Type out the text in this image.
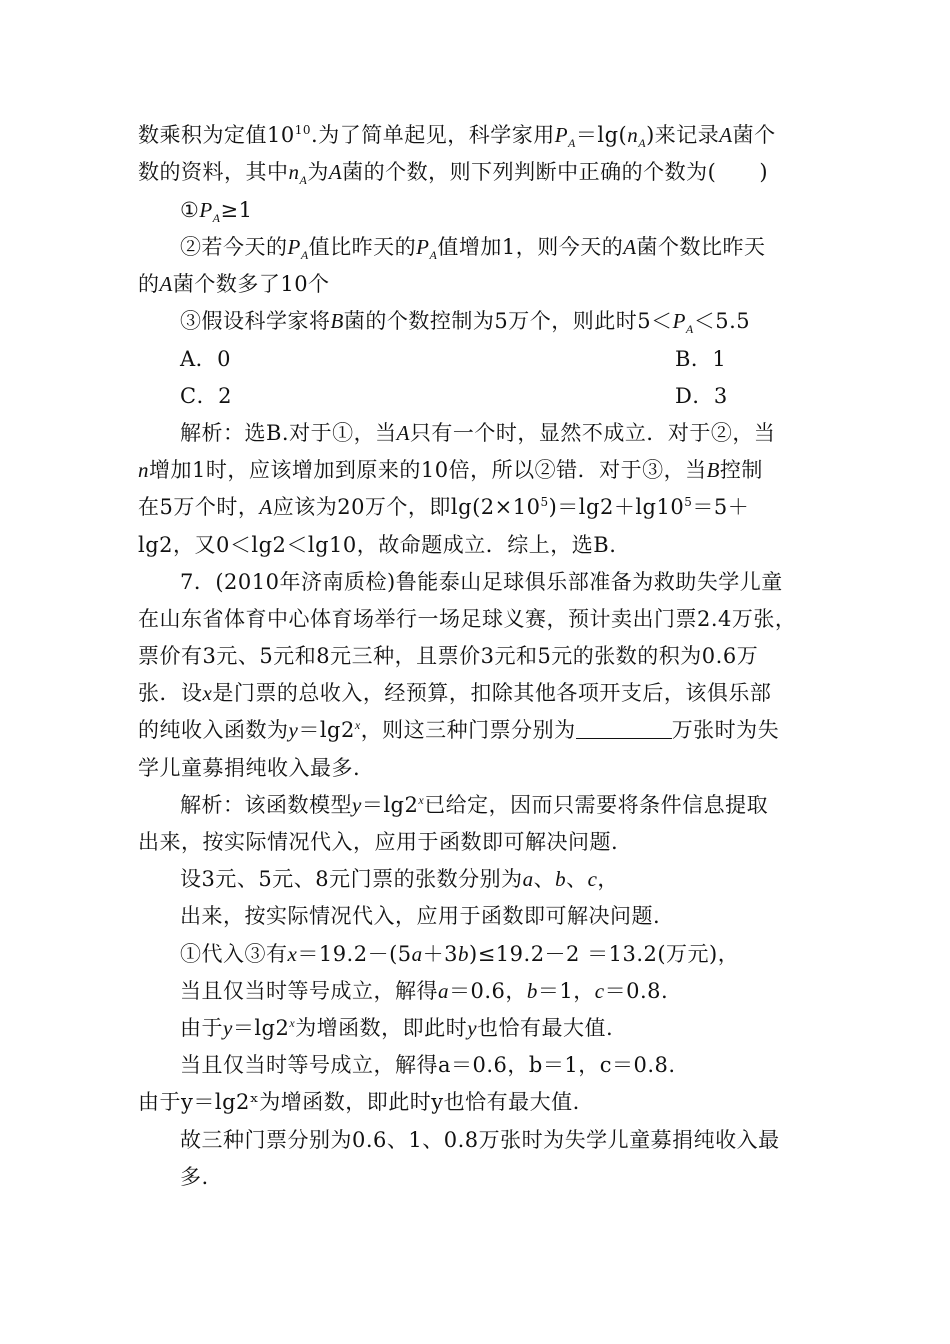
数乘积为定值$10^{10}$.为了简单起见，科学家用$P_A=\lg(n_A)$来记录A菌个
数的资料，其中$n_A$为A菌的个数，则下列判断中正确的个数为(　　)
$①P_A\ge 1$
②若今天的$P_A$值比昨天的$P_A$值增加1，则今天的A菌个数比昨天
的A菌个数多了10个
③假设科学家将B菌的个数控制为5万个，则此时$5<P_A<5.5$
A．0	B．1
C．2	D．3
解析：选B.对于①，当A只有一个时，显然不成立．对于②，当
n增加1时，应该增加到原来的10倍，所以②错．对于③，当B控制
在5万个时，A应该为20万个，即$\lg(2\times 10^5)=\lg 2+\lg 10^5=5+$
lg2，又0＜lg2＜lg10，故命题成立．综上，选B.
7．(2010年济南质检)鲁能泰山足球俱乐部准备为救助失学儿童
在山东省体育中心体育场举行一场足球义赛，预计卖出门票2.4万张，
票价有3元、5元和8元三种，且票价3元和5元的张数的积为0.6万
张．设x是门票的总收入，经预算，扣除其他各项开支后，该俱乐部
的纯收入函数为$y=\lg 2^x$，则这三种门票分别为	万张时为失
学儿童募捐纯收入最多.
解析：该函数模型$y=\lg 2^x$已给定，因而只需要将条件信息提取
出来，按实际情况代入，应用于函数即可解决问题.
设3元、5元、8元门票的张数分别为a、b、c，
出来，按实际情况代入，应用于函数即可解决问题.
①代入③有x＝19.2－(5a＋3b)≤19.2－2 ＝13.2(万元)，
当且仅当时等号成立，解得a＝0.6，b＝1，c＝0.8.
由于$y=\lg 2^x$为增函数，即此时y也恰有最大值.
当且仅当时等号成立，解得a＝0.6，b＝1，c＝0.8.
由于y＝lg2ˣ为增函数，即此时y也恰有最大值.
故三种门票分别为0.6、1、0.8万张时为失学儿童募捐纯收入最
多.
